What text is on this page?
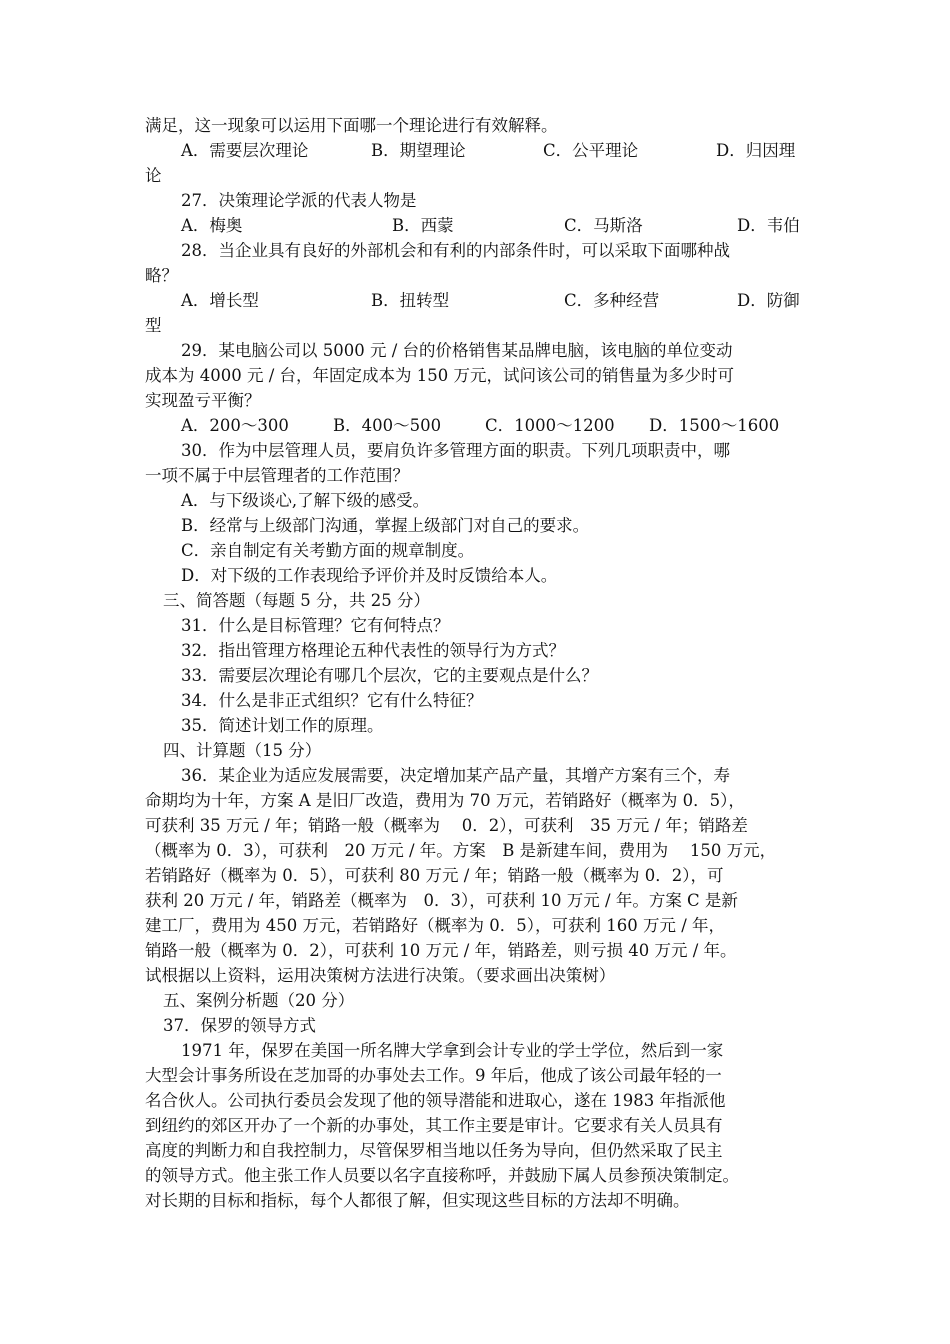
满足，这一现象可以运用下面哪一个理论进行有效解释。
A．需要层次理论	B．期望理论	C．公平理论	D．归因理
论
27．决策理论学派的代表人物是
A．梅奥	B．西蒙	C．马斯洛	D．韦伯
28．当企业具有良好的外部机会和有利的内部条件时，可以采取下面哪种战
略？
A．增长型	B．扭转型	C．多种经营	D．防御
型
29．某电脑公司以 5000 元 / 台的价格销售某品牌电脑，该电脑的单位变动
成本为 4000 元 / 台，年固定成本为 150 万元，试问该公司的销售量为多少时可
实现盈亏平衡？
A．200～300	B．400～500	C．1000～1200	D．1500～1600
30．作为中层管理人员，要肩负许多管理方面的职责。下列几项职责中，哪
一项不属于中层管理者的工作范围？
A．与下级谈心,了解下级的感受。
B．经常与上级部门沟通，掌握上级部门对自己的要求。
C．亲自制定有关考勤方面的规章制度。
D．对下级的工作表现给予评价并及时反馈给本人。
三、简答题（每题 5 分，共 25 分）
31．什么是目标管理？它有何特点？
32．指出管理方格理论五种代表性的领导行为方式？
33．需要层次理论有哪几个层次，它的主要观点是什么？
34．什么是非正式组织？它有什么特征？
35．简述计划工作的原理。
四、计算题（15 分）
36．某企业为适应发展需要，决定增加某产品产量，其增产方案有三个，寿
命期均为十年，方案 A 是旧厂改造，费用为 70 万元，若销路好（概率为 0．5），
可获利 35 万元 / 年；销路一般（概率为　 0．2），可获利　35 万元 / 年；销路差
（概率为 0．3），可获利　20 万元 / 年。方案　B 是新建车间，费用为　 150 万元，
若销路好（概率为 0．5），可获利 80 万元 / 年；销路一般（概率为 0．2），可
获利 20 万元 / 年，销路差（概率为　0．3），可获利 10 万元 / 年。方案 C 是新
建工厂，费用为 450 万元，若销路好（概率为 0．5），可获利 160 万元 / 年，
销路一般（概率为 0．2），可获利 10 万元 / 年，销路差，则亏损 40 万元 / 年。
试根据以上资料，运用决策树方法进行决策。（要求画出决策树）
五、案例分析题（20 分）
37．保罗的领导方式
1971 年，保罗在美国一所名牌大学拿到会计专业的学士学位，然后到一家
大型会计事务所设在芝加哥的办事处去工作。9 年后，他成了该公司最年轻的一
名合伙人。公司执行委员会发现了他的领导潜能和进取心，遂在 1983 年指派他
到纽约的郊区开办了一个新的办事处，其工作主要是审计。它要求有关人员具有
高度的判断力和自我控制力，尽管保罗相当地以任务为导向，但仍然采取了民主
的领导方式。他主张工作人员要以名字直接称呼，并鼓励下属人员参预决策制定。
对长期的目标和指标，每个人都很了解，但实现这些目标的方法却不明确。
